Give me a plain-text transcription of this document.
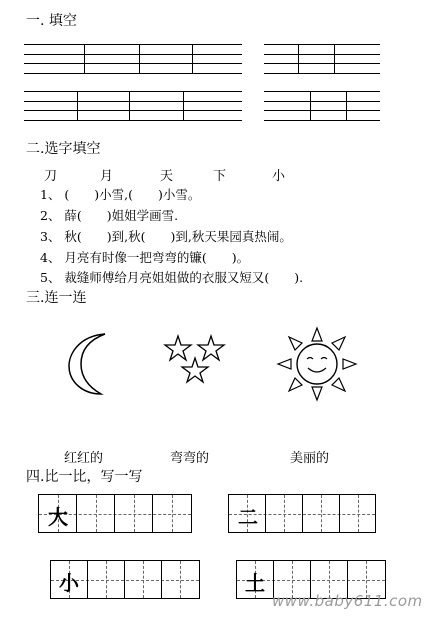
一. 填空
二.选字填空
刀	月	天	下	小
1、 (　　)小雪,(　　)小雪。
2、 薛(　　)姐姐学画雪.
3、 秋(　　)到,秋(　　)到,秋天果园真热闹。
4、 月亮有时像一把弯弯的镰(　　)。
5、 裁缝师傅给月亮姐姐做的衣服又短又(　　).
三.连一连
红红的	弯弯的	美丽的
四.比一比，写一写
大	二
小	土
www.baby611.com
